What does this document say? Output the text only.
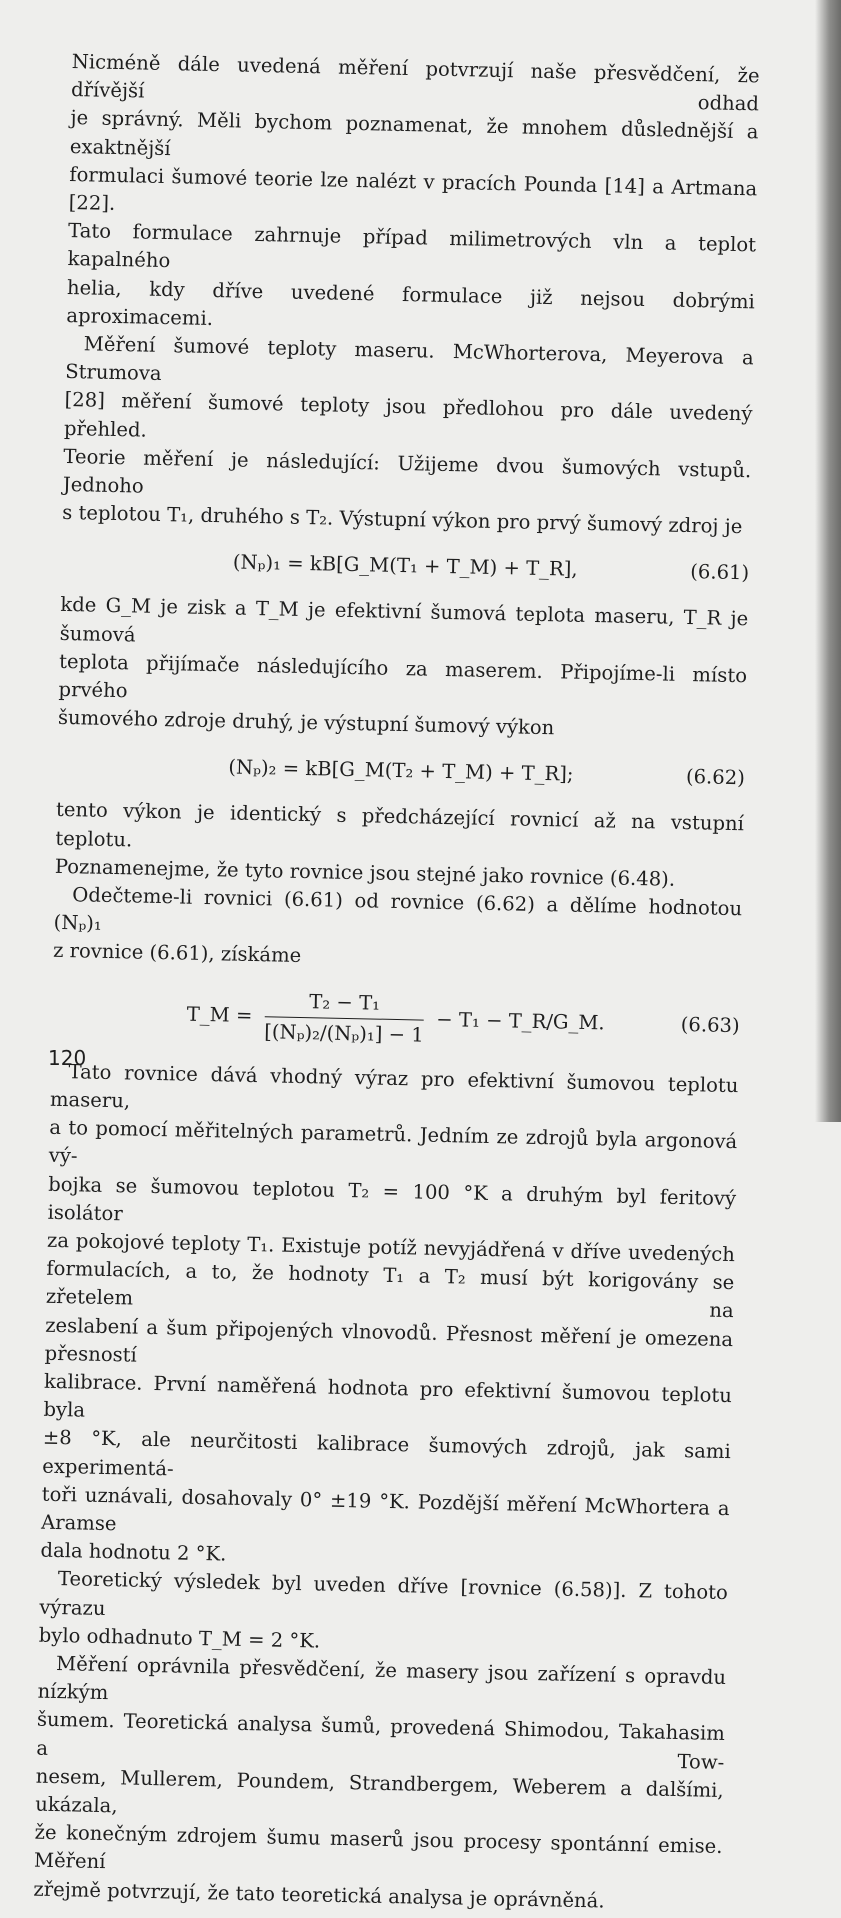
Nicméně dále uvedená měření potvrzují naše přesvědčení, že dřívější odhad
je správný. Měli bychom poznamenat, že mnohem důslednější a exaktnější
formulaci šumové teorie lze nalézt v pracích Pounda [14] a Artmana [22].
Tato formulace zahrnuje případ milimetrových vln a teplot kapalného
helia, kdy dříve uvedené formulace již nejsou dobrými aproximacemi.
Měření šumové teploty maseru. McWhorterova, Meyerova a Strumova
[28] měření šumové teploty jsou předlohou pro dále uvedený přehled.
Teorie měření je následující: Užijeme dvou šumových vstupů. Jednoho
s teplotou T₁, druhého s T₂. Výstupní výkon pro prvý šumový zdroj je
(Nₚ)₁ = kB[G_M(T₁ + T_M) + T_R],	(6.61)
kde G_M je zisk a T_M je efektivní šumová teplota maseru, T_R je šumová
teplota přijímače následujícího za maserem. Připojíme-li místo prvého
šumového zdroje druhý, je výstupní šumový výkon
(Nₚ)₂ = kB[G_M(T₂ + T_M) + T_R];	(6.62)
tento výkon je identický s předcházející rovnicí až na vstupní teplotu.
Poznamenejme, že tyto rovnice jsou stejné jako rovnice (6.48).
Odečteme-li rovnici (6.61) od rovnice (6.62) a dělíme hodnotou (Nₚ)₁
z rovnice (6.61), získáme
T_M = $\frac{\text{T₂ − T₁}}{\text{[(Nₚ)₂/(Nₚ)₁] − 1}} - T_1$ − T_R/G_M.	(6.63)
Tato rovnice dává vhodný výraz pro efektivní šumovou teplotu maseru,
a to pomocí měřitelných parametrů. Jedním ze zdrojů byla argonová vý-
bojka se šumovou teplotou T₂ = 100 °K a druhým byl feritový isolátor
za pokojové teploty T₁. Existuje potíž nevyjádřená v dříve uvedených
formulacích, a to, že hodnoty T₁ a T₂ musí být korigovány se zřetelem na
zeslabení a šum připojených vlnovodů. Přesnost měření je omezena přesností
kalibrace. První naměřená hodnota pro efektivní šumovou teplotu byla
±8 °K, ale neurčitosti kalibrace šumových zdrojů, jak sami experimentá-
toři uznávali, dosahovaly 0° ±19 °K. Pozdější měření McWhortera a Aramse
dala hodnotu 2 °K.
Teoretický výsledek byl uveden dříve [rovnice (6.58)]. Z tohoto výrazu
bylo odhadnuto T_M = 2 °K.
Měření oprávnila přesvědčení, že masery jsou zařízení s opravdu nízkým
šumem. Teoretická analysa šumů, provedená Shimodou, Takahasim a Tow-
nesem, Mullerem, Poundem, Strandbergem, Weberem a dalšími, ukázala,
že konečným zdrojem šumu maserů jsou procesy spontánní emise. Měření
zřejmě potvrzují, že tato teoretická analysa je oprávněná.
120
